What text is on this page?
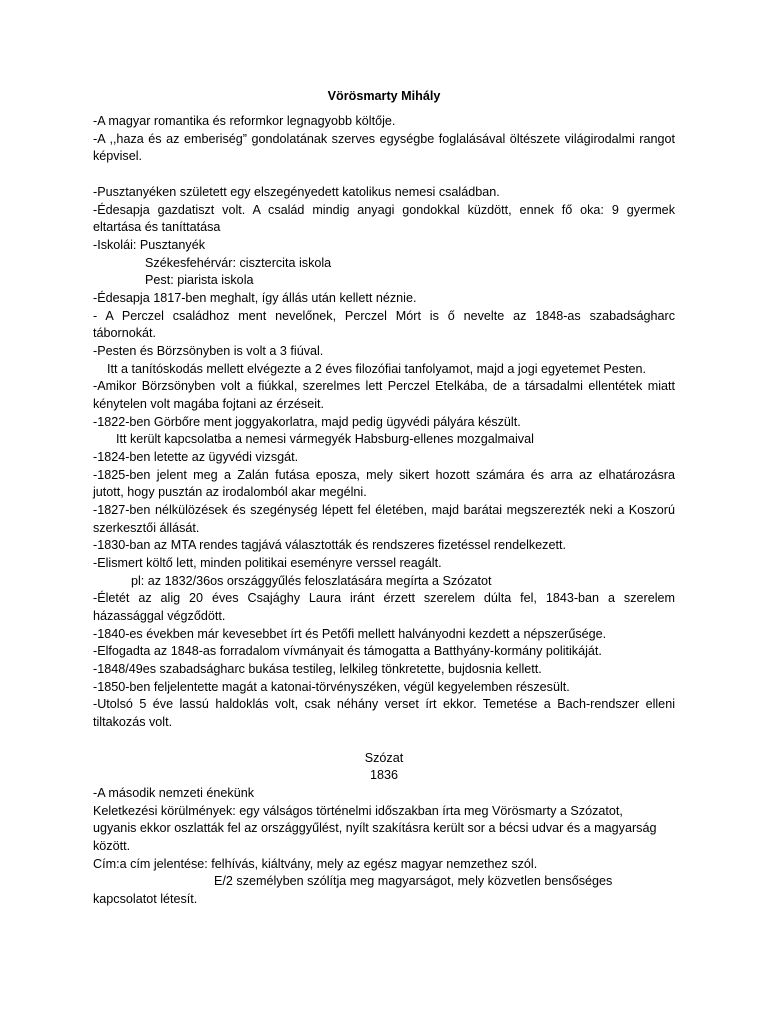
Vörösmarty Mihály
-A magyar romantika és reformkor legnagyobb költője.
-A ,,haza és az emberiség” gondolatának szerves egységbe foglalásával öltészete világirodalmi rangot
képvisel.
-Pusztanyéken született egy elszegényedett katolikus nemesi családban.
-Édesapja gazdatiszt volt. A család mindig anyagi gondokkal küzdött, ennek fő oka: 9 gyermek
eltartása és taníttatása
-Iskolái: Pusztanyék
Székesfehérvár: cisztercita iskola
Pest: piarista iskola
-Édesapja 1817-ben meghalt, így állás után kellett néznie.
- A Perczel családhoz ment nevelőnek, Perczel Mórt is ő nevelte az 1848-as szabadságharc
tábornokát.
-Pesten és Börzsönyben is volt a 3 fiúval.
Itt a tanítóskodás mellett elvégezte a 2 éves filozófiai tanfolyamot, majd a jogi egyetemet Pesten.
-Amikor Börzsönyben volt a fiúkkal, szerelmes lett Perczel Etelkába, de a társadalmi ellentétek miatt
kénytelen volt magába fojtani az érzéseit.
-1822-ben Görbőre ment joggyakorlatra, majd pedig ügyvédi pályára készült.
Itt került kapcsolatba a nemesi vármegyék Habsburg-ellenes mozgalmaival
-1824-ben letette az ügyvédi vizsgát.
-1825-ben jelent meg a Zalán futása eposza, mely sikert hozott számára és arra az elhatározásra
jutott, hogy pusztán az irodalomból akar megélni.
-1827-ben nélkülözések és szegénység lépett fel életében, majd barátai megszerezték neki a Koszorú
szerkesztői állását.
-1830-ban az MTA rendes tagjává választották és rendszeres fizetéssel rendelkezett.
-Elismert költő lett, minden politikai eseményre verssel reagált.
pl: az 1832/36os országgyűlés feloszlatására megírta a Szózatot
-Életét az alig 20 éves Csajághy Laura iránt érzett szerelem dúlta fel, 1843-ban a szerelem
házassággal végződött.
-1840-es években már kevesebbet írt és Petőfi mellett halványodni kezdett a népszerűsége.
-Elfogadta az 1848-as forradalom vívmányait és támogatta a Batthyány-kormány politikáját.
-1848/49es szabadságharc bukása testileg, lelkileg tönkretette, bujdosnia kellett.
-1850-ben feljelentette magát a katonai-törvényszéken, végül kegyelemben részesült.
-Utolsó 5 éve lassú haldoklás volt, csak néhány verset írt ekkor. Temetése a Bach-rendszer elleni
tiltakozás volt.
Szózat
1836
-A második nemzeti énekünk
Keletkezési körülmények: egy válságos történelmi időszakban írta meg Vörösmarty a Szózatot,
ugyanis ekkor oszlatták fel az országgyűlést, nyílt szakításra került sor a bécsi udvar és a magyarság
között.
Cím:a cím jelentése: felhívás, kiáltvány, mely az egész magyar nemzethez szól.
E/2 személyben szólítja meg magyarságot, mely közvetlen bensőséges
kapcsolatot létesít.
